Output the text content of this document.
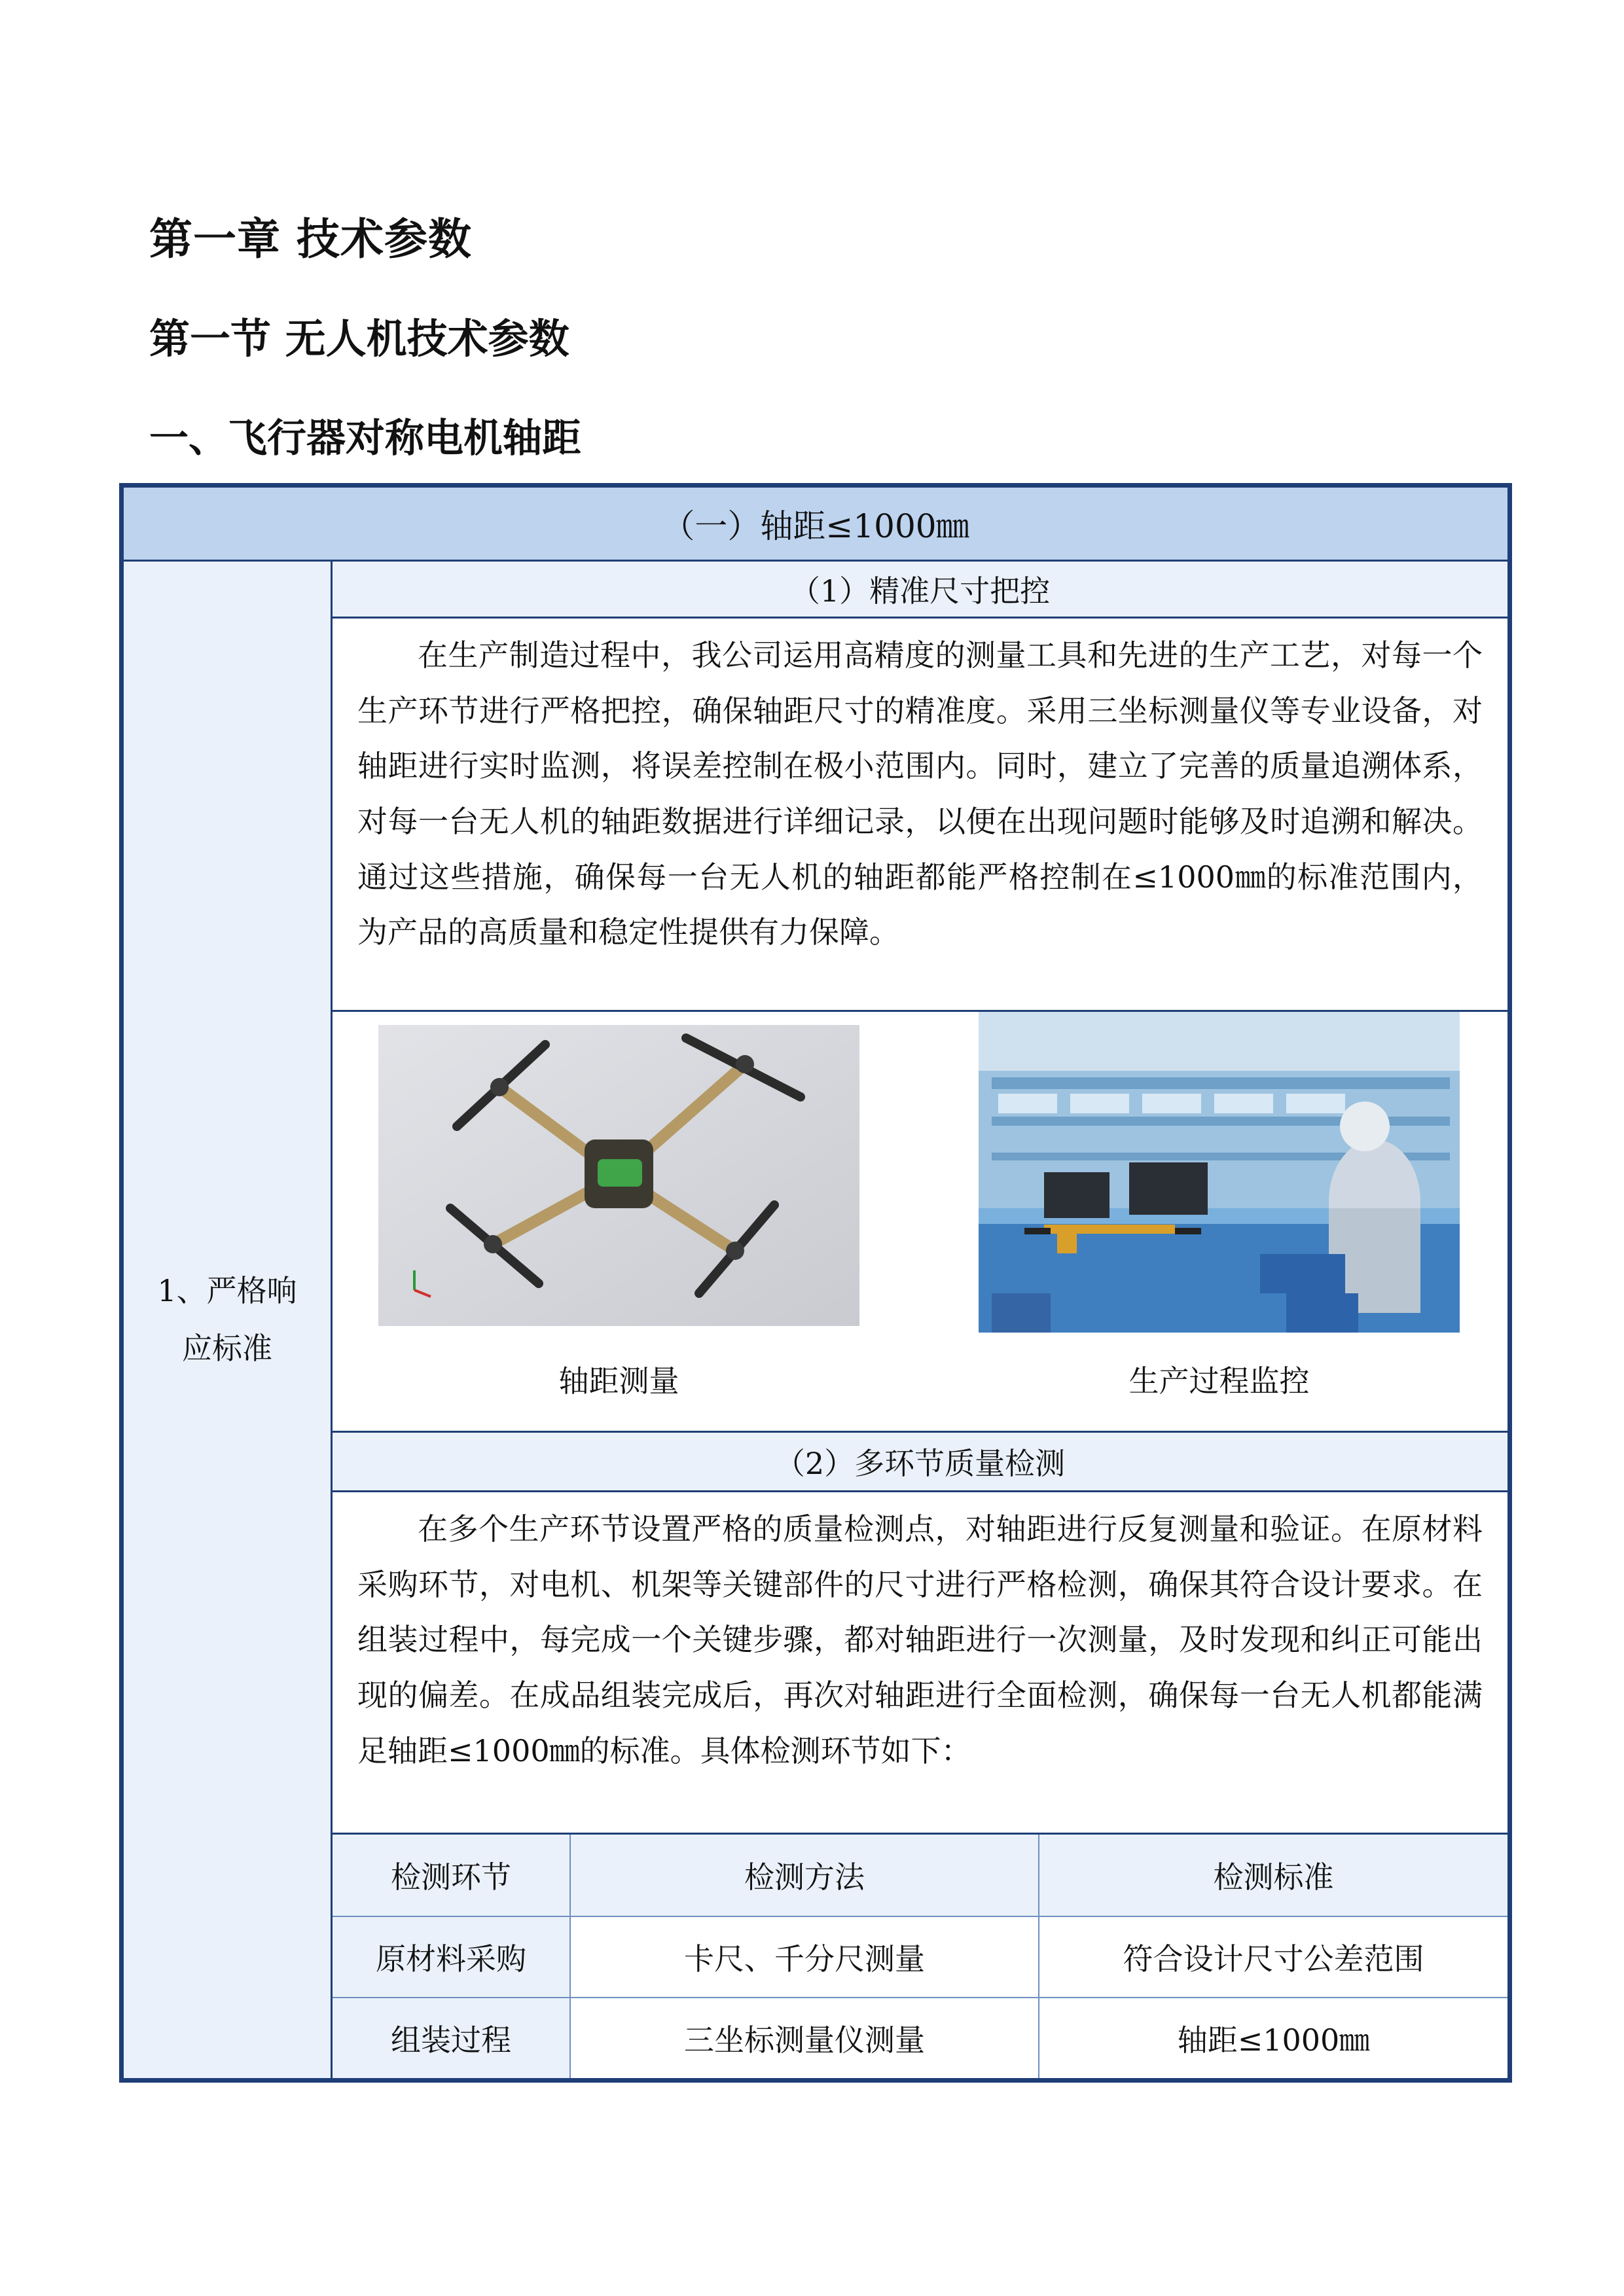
第一章 技术参数
第一节 无人机技术参数
一、飞行器对称电机轴距
（一）轴距≤1000㎜
1、严格响
应标准
（1）精准尺寸把控

在生产制造过程中，我公司运用高精度的测量工具和先进的生产工艺，对每一个生产环节进行严格把控，确保轴距尺寸的精准度。采用三坐标测量仪等专业设备，对轴距进行实时监测，将误差控制在极小范围内。同时，建立了完善的质量追溯体系，对每一台无人机的轴距数据进行详细记录，以便在出现问题时能够及时追溯和解决。通过这些措施，确保每一台无人机的轴距都能严格控制在≤1000㎜的标准范围内，为产品的高质量和稳定性提供有力保障。

轴距测量	生产过程监控
（2）多环节质量检测

在多个生产环节设置严格的质量检测点，对轴距进行反复测量和验证。在原材料采购环节，对电机、机架等关键部件的尺寸进行严格检测，确保其符合设计要求。在组装过程中，每完成一个关键步骤，都对轴距进行一次测量，及时发现和纠正可能出现的偏差。在成品组装完成后，再次对轴距进行全面检测，确保每一台无人机都能满足轴距≤1000㎜的标准。具体检测环节如下：

检测环节	检测方法	检测标准
原材料采购	卡尺、千分尺测量	符合设计尺寸公差范围
组装过程	三坐标测量仪测量	轴距≤1000㎜
